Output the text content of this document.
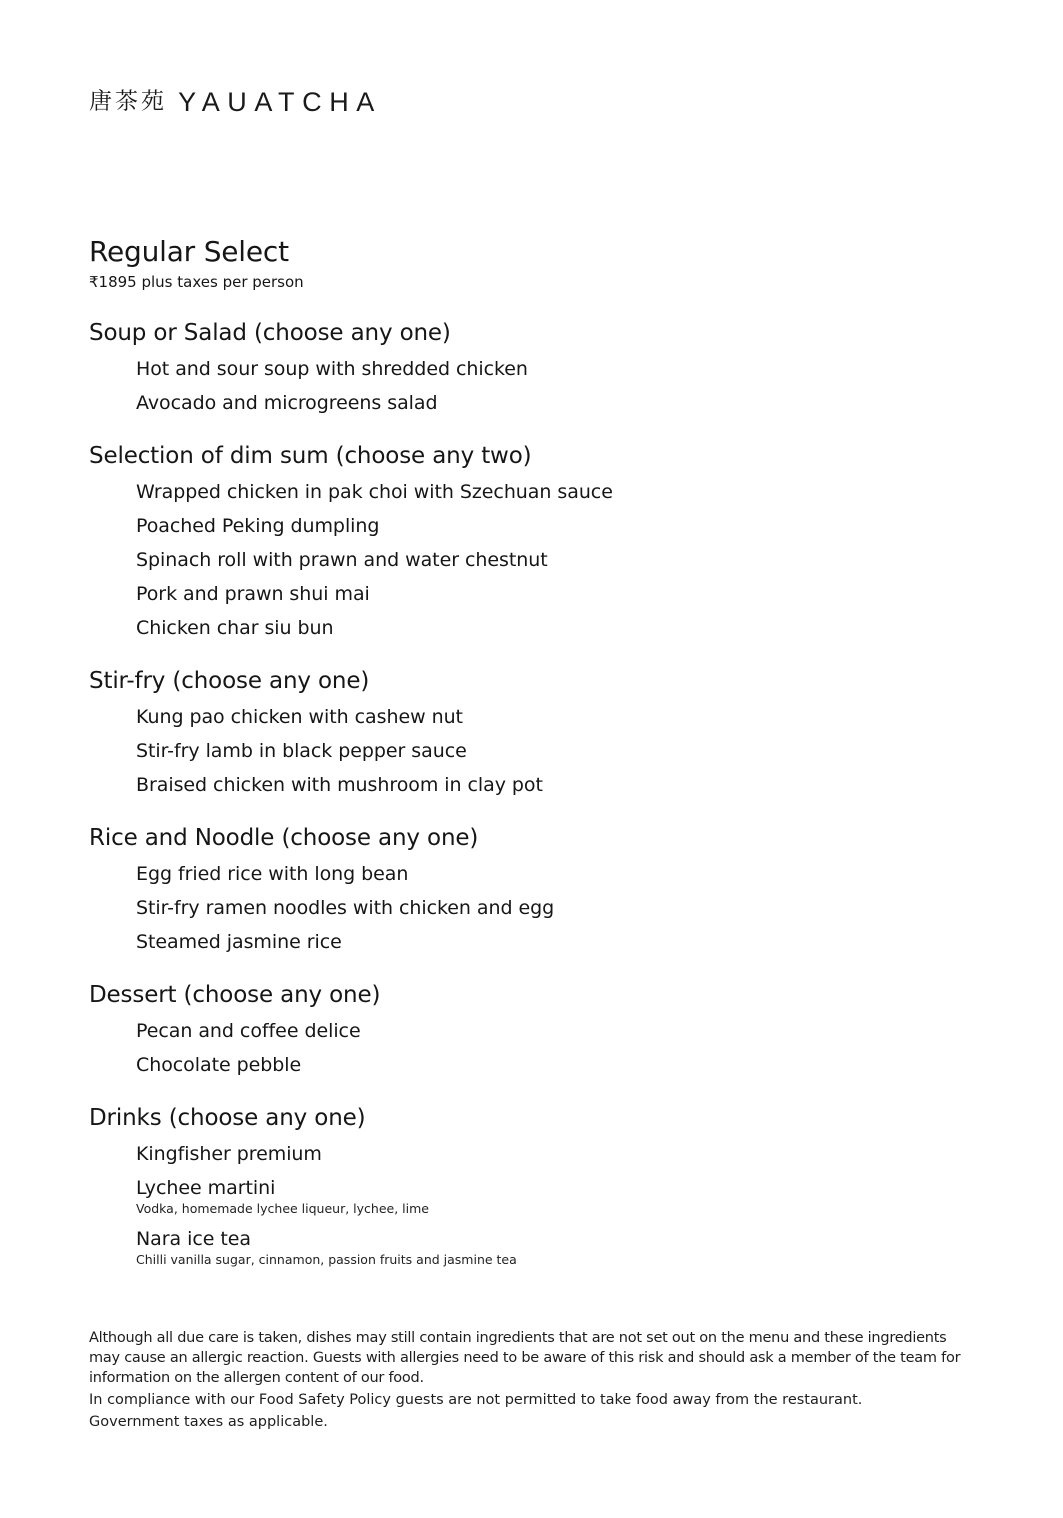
唐茶苑 YAUATCHA
Regular Select
₹1895 plus taxes per person
Soup or Salad (choose any one)
Hot and sour soup with shredded chicken
Avocado and microgreens salad
Selection of dim sum (choose any two)
Wrapped chicken in pak choi with Szechuan sauce
Poached Peking dumpling
Spinach roll with prawn and water chestnut
Pork and prawn shui mai
Chicken char siu bun
Stir-fry (choose any one)
Kung pao chicken with cashew nut
Stir-fry lamb in black pepper sauce
Braised chicken with mushroom in clay pot
Rice and Noodle (choose any one)
Egg fried rice with long bean
Stir-fry ramen noodles with chicken and egg
Steamed jasmine rice
Dessert (choose any one)
Pecan and coffee delice
Chocolate pebble
Drinks (choose any one)
Kingfisher premium
Lychee martini
Vodka, homemade lychee liqueur, lychee, lime
Nara ice tea
Chilli vanilla sugar, cinnamon, passion fruits and jasmine tea

Although all due care is taken, dishes may still contain ingredients that are not set out on the menu and these ingredients may cause an allergic reaction. Guests with allergies need to be aware of this risk and should ask a member of the team for information on the allergen content of our food.

In compliance with our Food Safety Policy guests are not permitted to take food away from the restaurant.

Government taxes as applicable.
